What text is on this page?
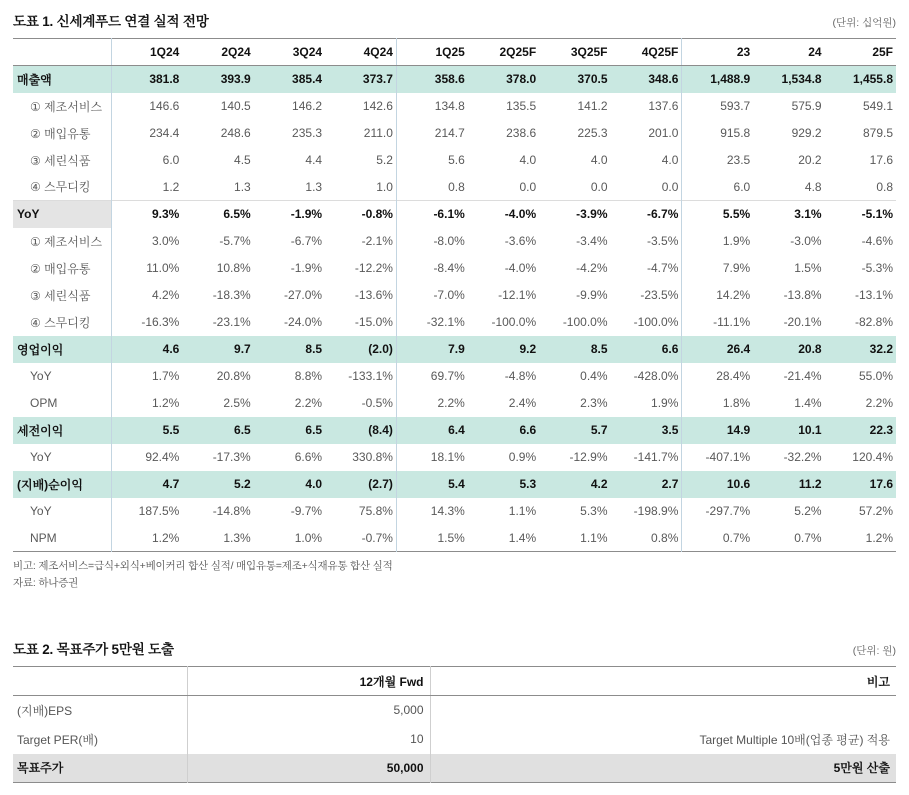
도표 1. 신세계푸드 연결 실적 전망	(단위: 십억원)
	1Q24	2Q24	3Q24	4Q24	1Q25	2Q25F	3Q25F	4Q25F	23	24	25F
매출액	381.8	393.9	385.4	373.7	358.6	378.0	370.5	348.6	1,488.9	1,534.8	1,455.8
① 제조서비스	146.6	140.5	146.2	142.6	134.8	135.5	141.2	137.6	593.7	575.9	549.1
② 매입유통	234.4	248.6	235.3	211.0	214.7	238.6	225.3	201.0	915.8	929.2	879.5
③ 세린식품	6.0	4.5	4.4	5.2	5.6	4.0	4.0	4.0	23.5	20.2	17.6
④ 스무디킹	1.2	1.3	1.3	1.0	0.8	0.0	0.0	0.0	6.0	4.8	0.8
YoY	9.3%	6.5%	-1.9%	-0.8%	-6.1%	-4.0%	-3.9%	-6.7%	5.5%	3.1%	-5.1%
① 제조서비스	3.0%	-5.7%	-6.7%	-2.1%	-8.0%	-3.6%	-3.4%	-3.5%	1.9%	-3.0%	-4.6%
② 매입유통	11.0%	10.8%	-1.9%	-12.2%	-8.4%	-4.0%	-4.2%	-4.7%	7.9%	1.5%	-5.3%
③ 세린식품	4.2%	-18.3%	-27.0%	-13.6%	-7.0%	-12.1%	-9.9%	-23.5%	14.2%	-13.8%	-13.1%
④ 스무디킹	-16.3%	-23.1%	-24.0%	-15.0%	-32.1%	-100.0%	-100.0%	-100.0%	-11.1%	-20.1%	-82.8%
영업이익	4.6	9.7	8.5	(2.0)	7.9	9.2	8.5	6.6	26.4	20.8	32.2
YoY	1.7%	20.8%	8.8%	-133.1%	69.7%	-4.8%	0.4%	-428.0%	28.4%	-21.4%	55.0%
OPM	1.2%	2.5%	2.2%	-0.5%	2.2%	2.4%	2.3%	1.9%	1.8%	1.4%	2.2%
세전이익	5.5	6.5	6.5	(8.4)	6.4	6.6	5.7	3.5	14.9	10.1	22.3
YoY	92.4%	-17.3%	6.6%	330.8%	18.1%	0.9%	-12.9%	-141.7%	-407.1%	-32.2%	120.4%
(지배)순이익	4.7	5.2	4.0	(2.7)	5.4	5.3	4.2	2.7	10.6	11.2	17.6
YoY	187.5%	-14.8%	-9.7%	75.8%	14.3%	1.1%	5.3%	-198.9%	-297.7%	5.2%	57.2%
NPM	1.2%	1.3%	1.0%	-0.7%	1.5%	1.4%	1.1%	0.8%	0.7%	0.7%	1.2%
비고: 제조서비스=급식+외식+베이커리 합산 실적/ 매입유통=제조+식재유통 합산 실적
자료: 하나증권
도표 2. 목표주가 5만원 도출	(단위: 원)
	12개월 Fwd	비고
(지배)EPS	5,000	
Target PER(배)	10	Target Multiple 10배(업종 평균) 적용
목표주가	50,000	5만원 산출
